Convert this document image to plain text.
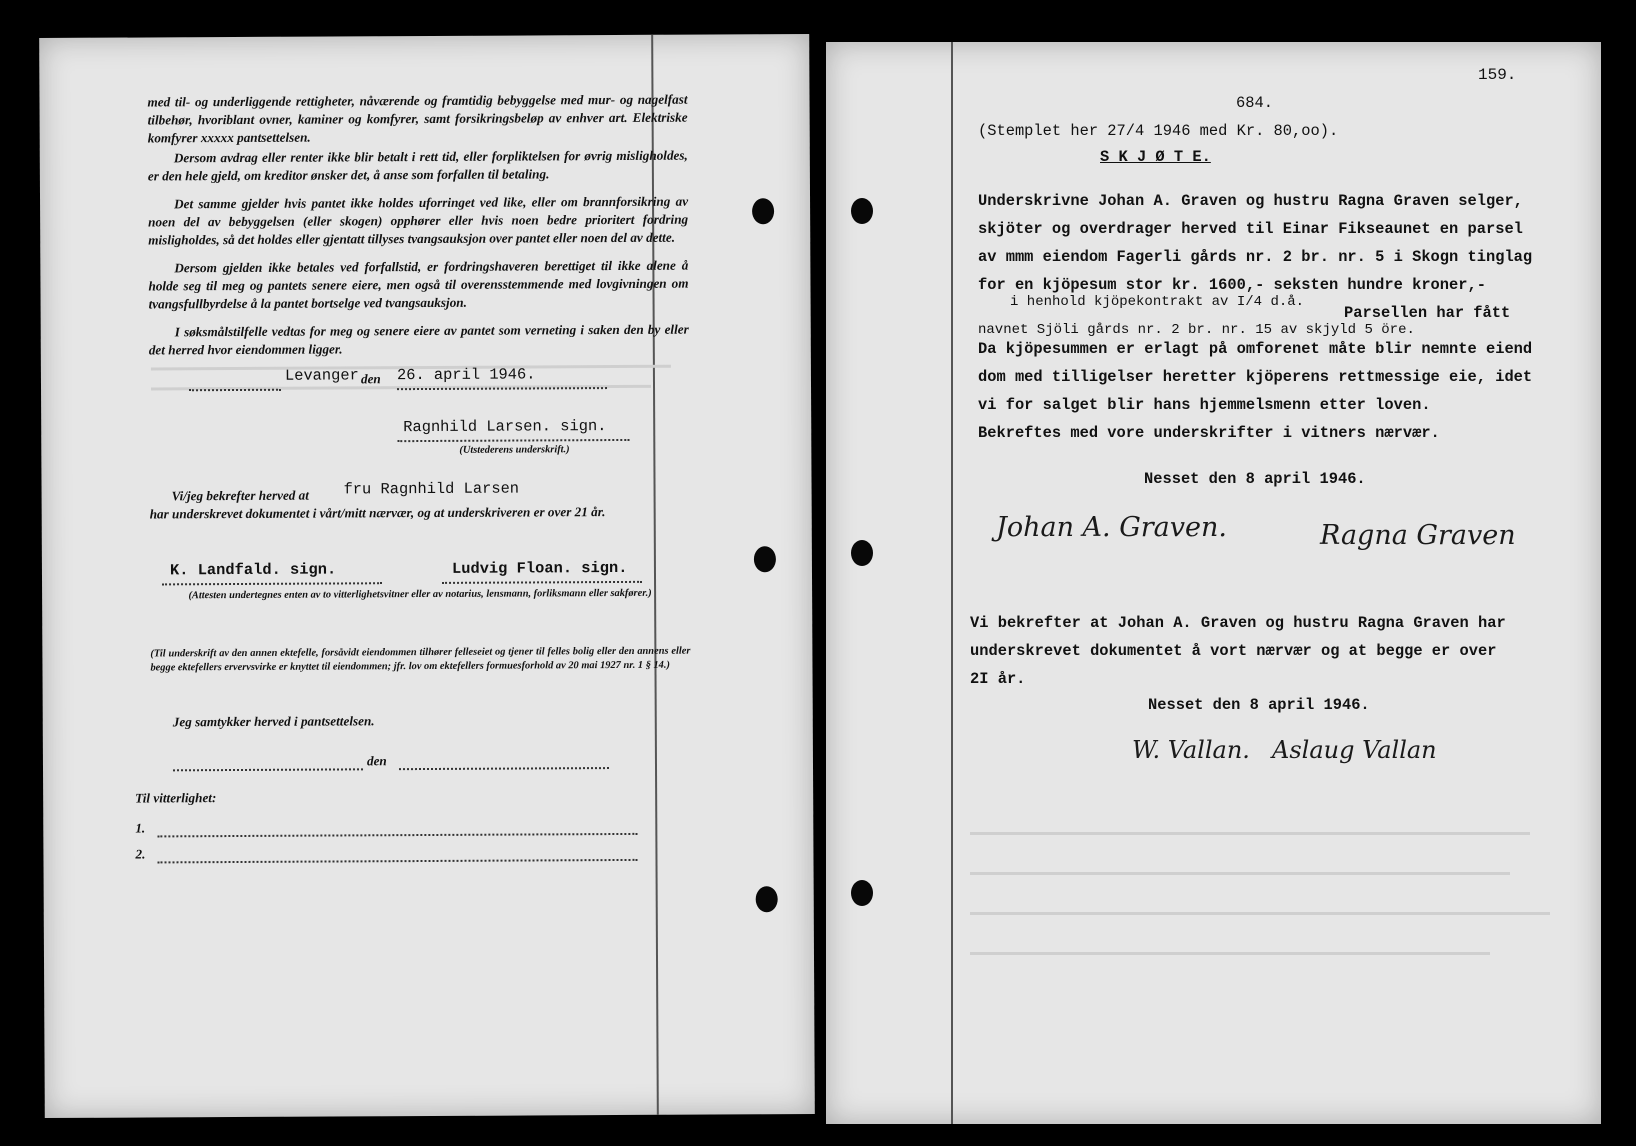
med til- og underliggende rettigheter, nåværende og framtidig bebyggelse med mur- og nagelfast tilbehør, hvoriblant ovner, kaminer og komfyrer, samt forsikringsbeløp av enhver art. Elektriske komfyrer xxxxx pantsettelsen.

Dersom avdrag eller renter ikke blir betalt i rett tid, eller forpliktelsen for øvrig misligholdes, er den hele gjeld, om kreditor ønsker det, å anse som forfallen til betaling.

Det samme gjelder hvis pantet ikke holdes uforringet ved like, eller om brannforsikring av noen del av bebyggelsen (eller skogen) opphører eller hvis noen bedre prioritert fordring misligholdes, så det holdes eller gjentatt tillyses tvangsauksjon over pantet eller noen del av dette.

Dersom gjelden ikke betales ved forfallstid, er fordringshaveren berettiget til ikke alene å holde seg til meg og pantets senere eiere, men også til overensstemmende med lovgivningen om tvangsfullbyrdelse å la pantet bortselge ved tvangsauksjon.

I søksmålstilfelle vedtas for meg og senere eiere av pantet som verneting i saken den by eller det herred hvor eiendommen ligger.

Levanger den	26. april 1946.
Ragnhild Larsen. sign.
(Utstederens underskrift.)
Vi/jeg bekrefter herved at	fru Ragnhild Larsen
har underskrevet dokumentet i vårt/mitt nærvær, og at underskriveren er over 21 år.
K. Landfald. sign.	Ludvig Floan. sign.

(Attesten undertegnes enten av to vitterlighetsvitner eller av notarius, lensmann, forliksmann eller sakfører.)

(Til underskrift av den annen ektefelle, forsåvidt eiendommen tilhører felleseiet og tjener til felles bolig eller den annens eller begge ektefellers ervervsvirke er knyttet til eiendommen; jfr. lov om ektefellers formuesforhold av 20 mai 1927 nr. 1 § 14.)

Jeg samtykker herved i pantsettelsen.

den
Til vitterlighet:
1.
2.
159.
684.
(Stemplet her 27/4 1946 med Kr. 80,oo).
S K J Ø T E.
Underskrivne Johan A. Graven og hustru Ragna Graven selger,
skjöter og overdrager herved til Einar Fikseaunet en parsel
av mmm eiendom Fagerli gårds nr. 2 br. nr. 5 i Skogn tinglag
for en kjöpesum stor kr. 1600,- seksten hundre kroner,-
i henhold kjöpekontrakt av I/4 d.å.
Parsellen har fått
navnet Sjöli gårds nr. 2 br. nr. 15 av skjyld 5 öre.
Da kjöpesummen er erlagt på omforenet måte blir nemnte eiend
dom med tilligelser heretter kjöperens rettmessige eie, idet
vi for salget blir hans hjemmelsmenn etter loven.
Bekreftes med vore underskrifter i vitners nærvær.
Nesset den 8 april 1946.
Johan A. Graven.	Ragna Graven
Vi bekrefter at Johan A. Graven og hustru Ragna Graven har
underskrevet dokumentet å vort nærvær og at begge er over
2I år.
Nesset den 8 april 1946.
W. Vallan. Aslaug Vallan
